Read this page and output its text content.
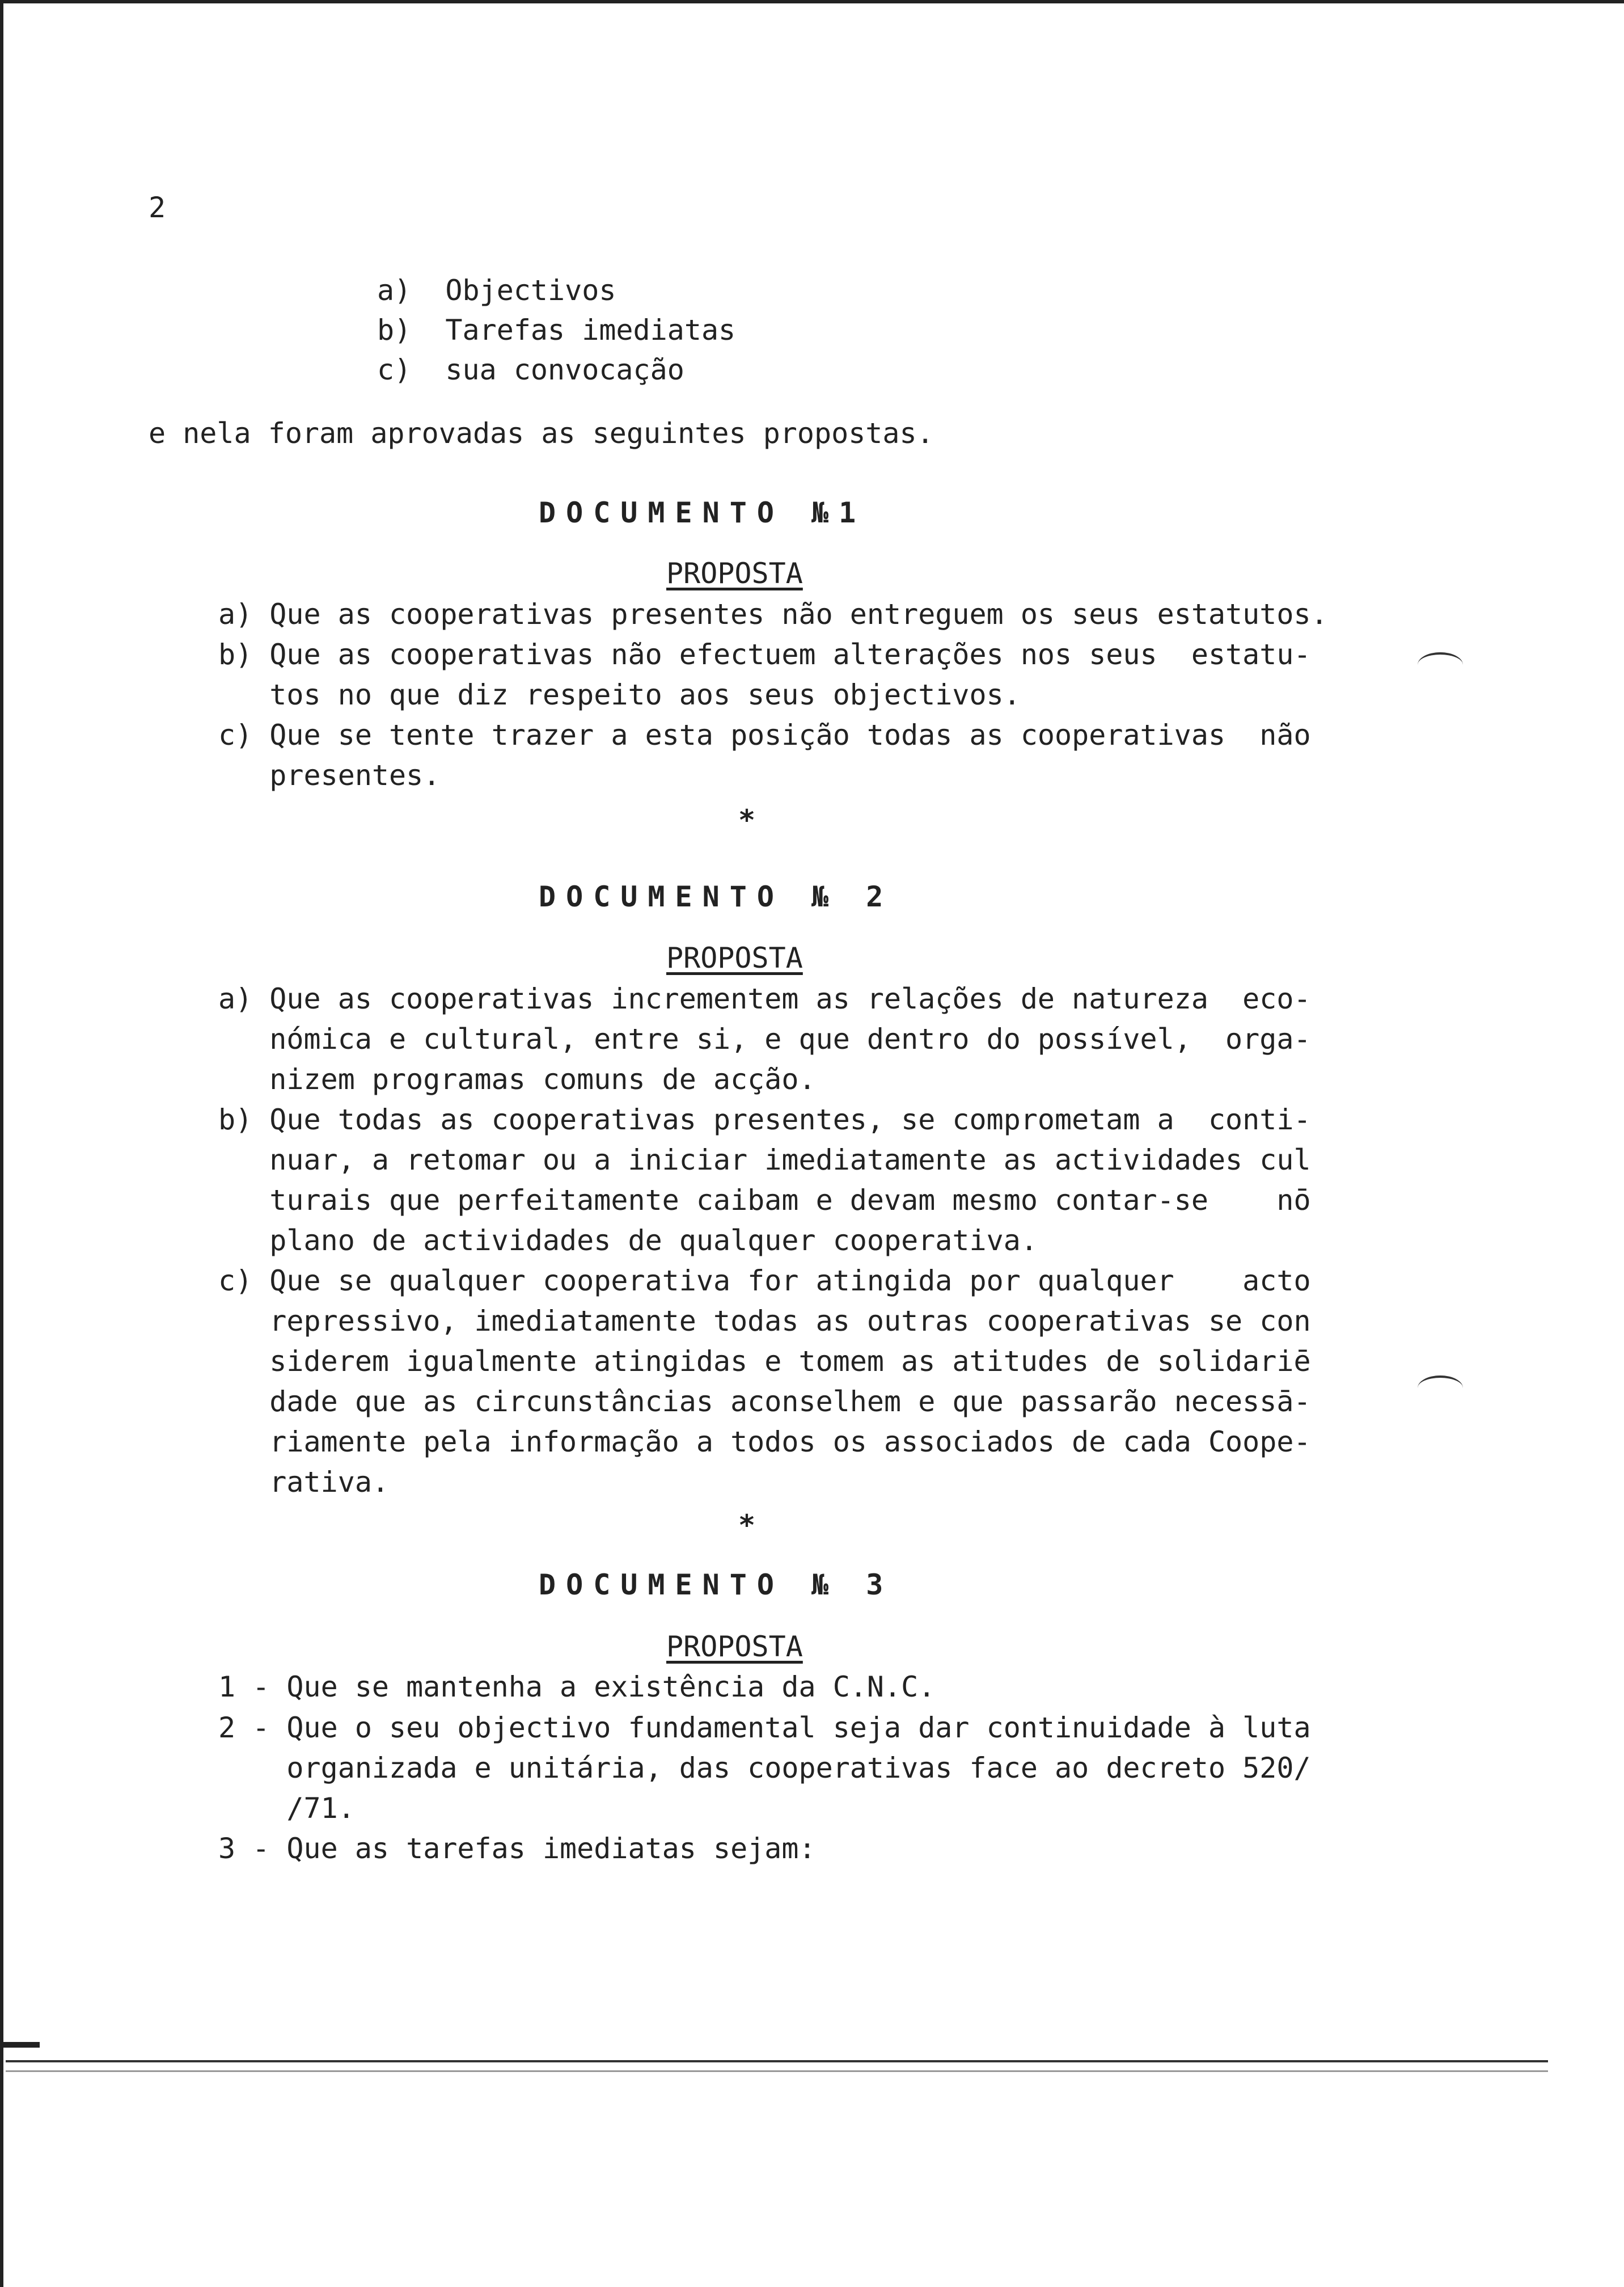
2
a)  Objectivos
b)  Tarefas imediatas
c)  sua convocação
e nela foram aprovadas as seguintes propostas.
DOCUMENTO №1
PROPOSTA
a) Que as cooperativas presentes não entreguem os seus estatutos.
b) Que as cooperativas não efectuem alterações nos seus  estatu-
tos no que diz respeito aos seus objectivos.
c) Que se tente trazer a esta posição todas as cooperativas  não
presentes.
*
DOCUMENTO № 2
PROPOSTA
a) Que as cooperativas incrementem as relações de natureza  eco-
nómica e cultural, entre si, e que dentro do possível,  orga-
nizem programas comuns de acção.
b) Que todas as cooperativas presentes, se comprometam a  conti-
nuar, a retomar ou a iniciar imediatamente as actividades cul
turais que perfeitamente caibam e devam mesmo contar-se    nō
plano de actividades de qualquer cooperativa.
c) Que se qualquer cooperativa for atingida por qualquer    acto
repressivo, imediatamente todas as outras cooperativas se con
siderem igualmente atingidas e tomem as atitudes de solidariē
dade que as circunstâncias aconselhem e que passarão necessā-
riamente pela informação a todos os associados de cada Coope-
rativa.
*
DOCUMENTO № 3
PROPOSTA
1 - Que se mantenha a existência da C.N.C.
2 - Que o seu objectivo fundamental seja dar continuidade à luta
organizada e unitária, das cooperativas face ao decreto 520/
/71.
3 - Que as tarefas imediatas sejam:
